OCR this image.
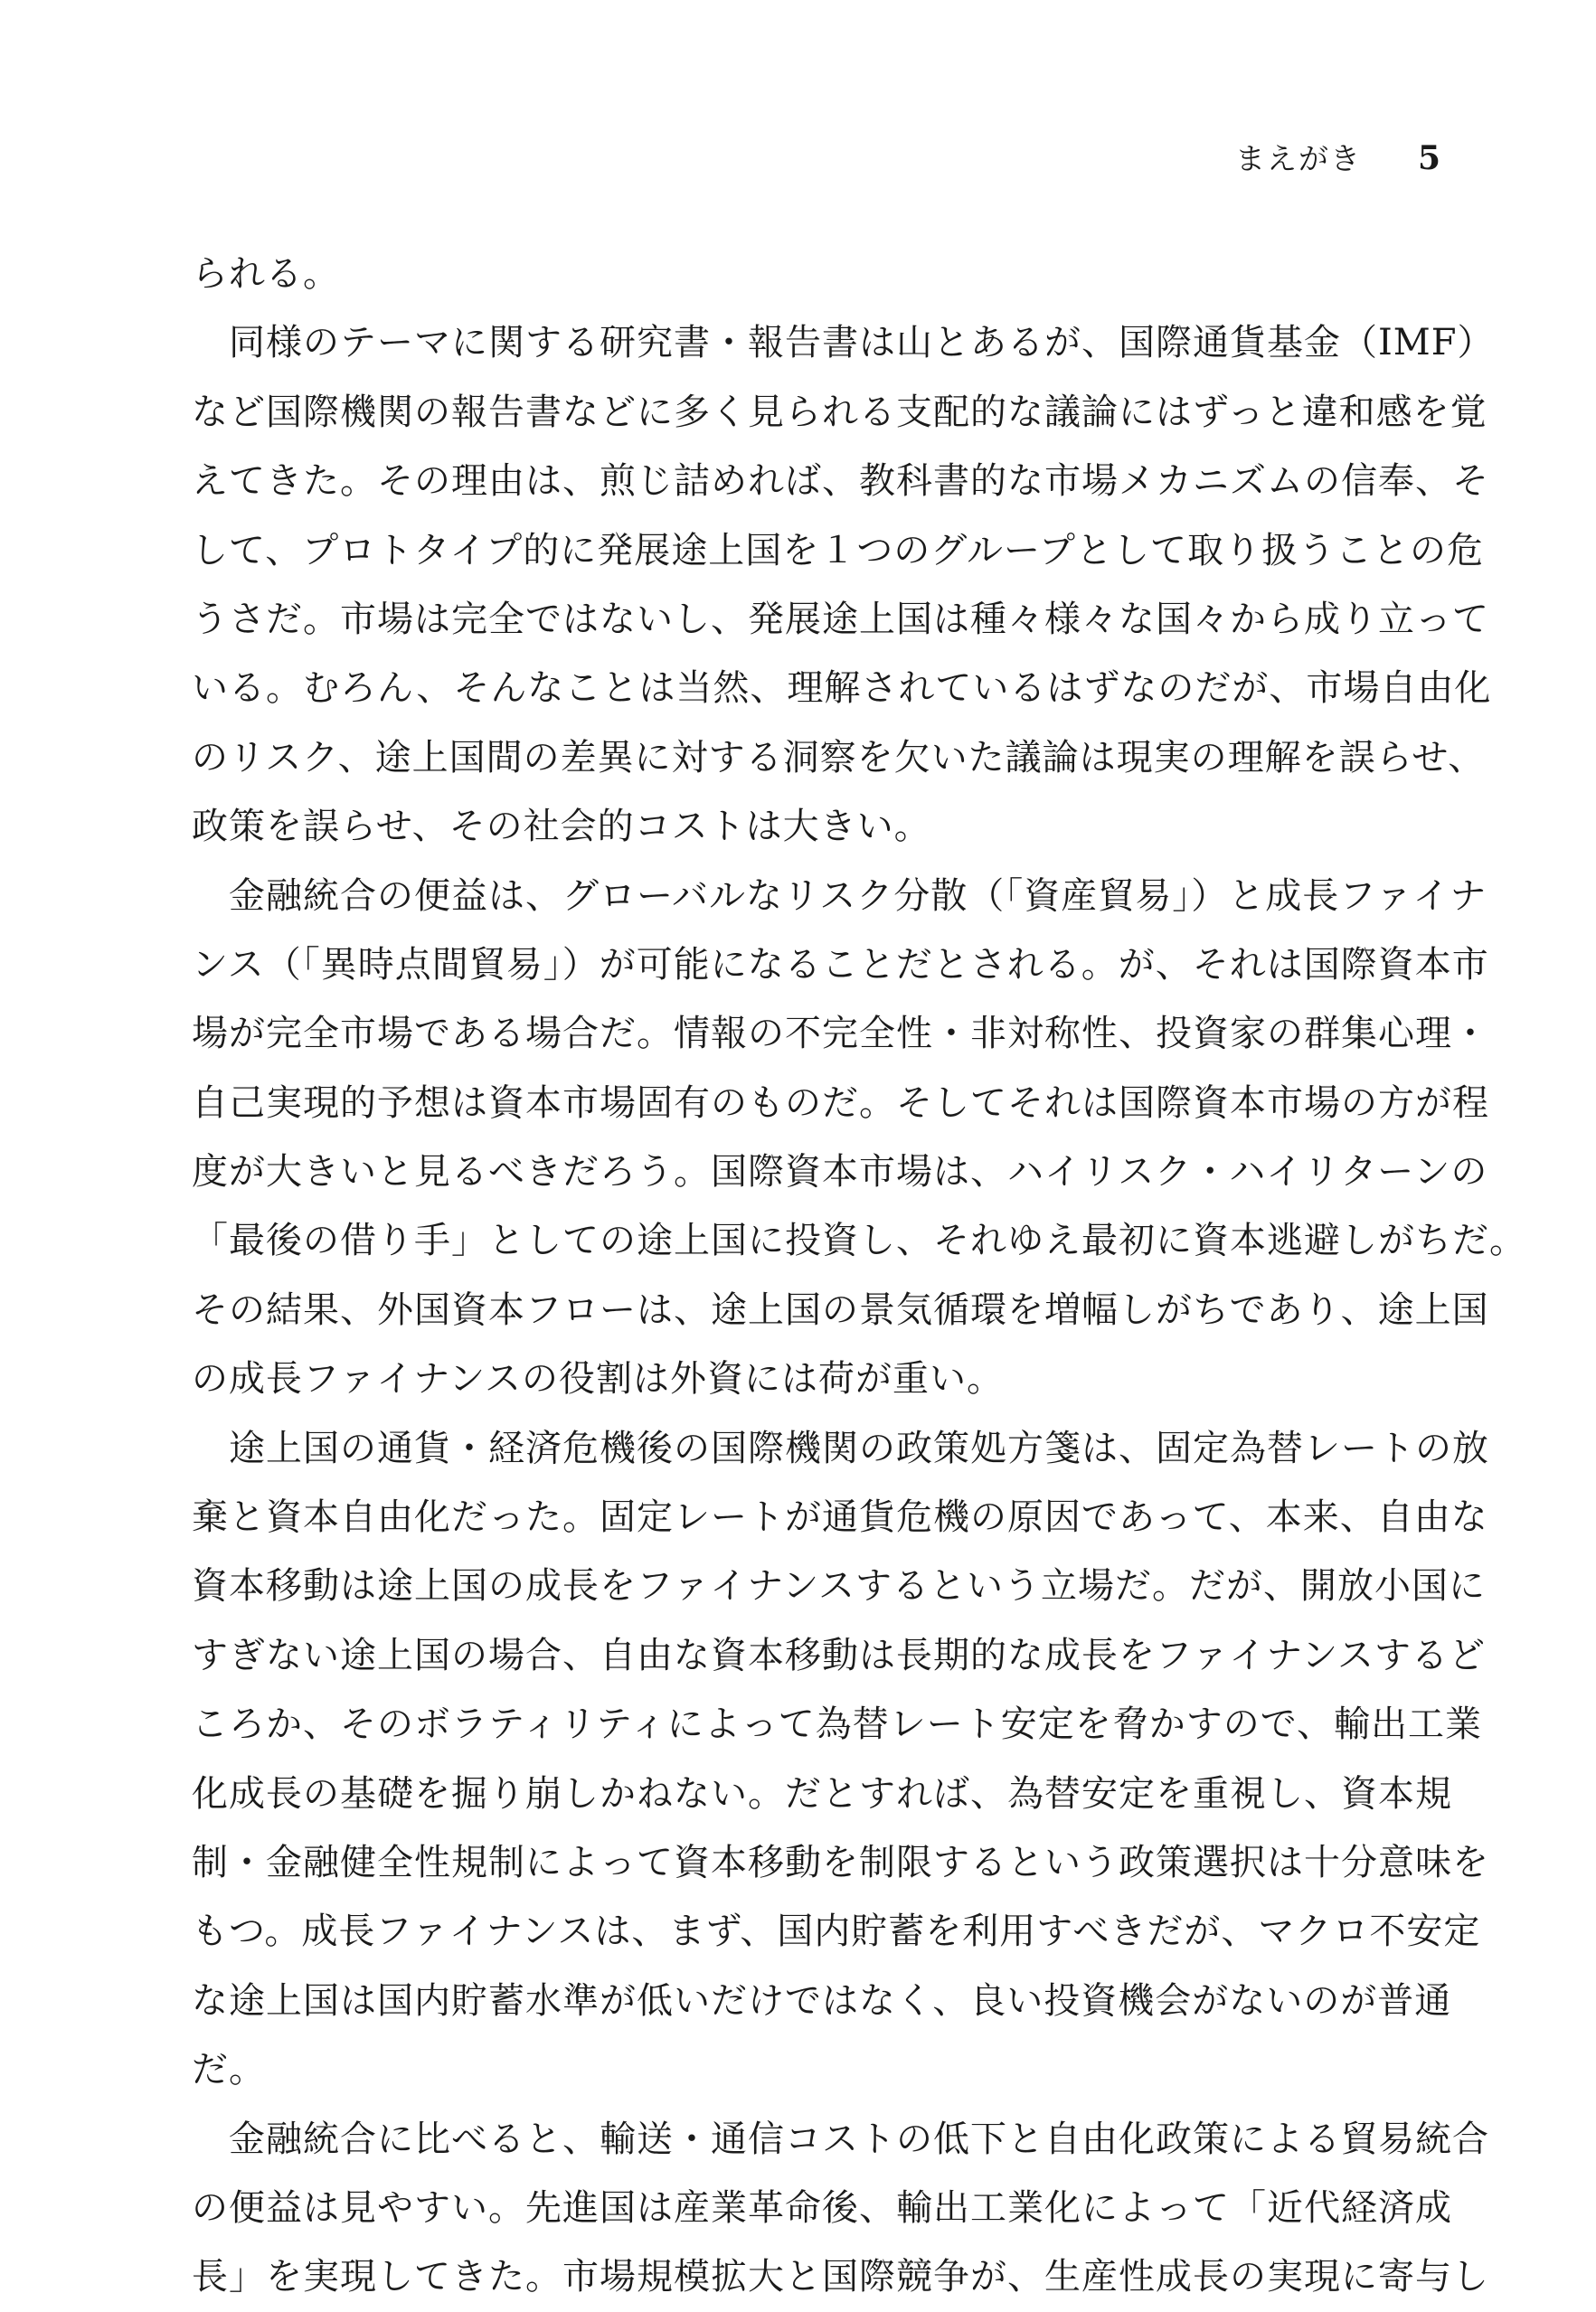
まえがき 5
られる。
　同様のテーマに関する研究書・報告書は山とあるが、国際通貨基金（IMF）
など国際機関の報告書などに多く見られる支配的な議論にはずっと違和感を覚
えてきた。その理由は、煎じ詰めれば、教科書的な市場メカニズムの信奉、そ
して、プロトタイプ的に発展途上国を１つのグループとして取り扱うことの危
うさだ。市場は完全ではないし、発展途上国は種々様々な国々から成り立って
いる。むろん、そんなことは当然、理解されているはずなのだが、市場自由化
のリスク、途上国間の差異に対する洞察を欠いた議論は現実の理解を誤らせ、
政策を誤らせ、その社会的コストは大きい。
　金融統合の便益は、グローバルなリスク分散（「資産貿易」）と成長ファイナ
ンス（「異時点間貿易」）が可能になることだとされる。が、それは国際資本市
場が完全市場である場合だ。情報の不完全性・非対称性、投資家の群集心理・
自己実現的予想は資本市場固有のものだ。そしてそれは国際資本市場の方が程
度が大きいと見るべきだろう。国際資本市場は、ハイリスク・ハイリターンの
「最後の借り手」としての途上国に投資し、それゆえ最初に資本逃避しがちだ。
その結果、外国資本フローは、途上国の景気循環を増幅しがちであり、途上国
の成長ファイナンスの役割は外資には荷が重い。
　途上国の通貨・経済危機後の国際機関の政策処方箋は、固定為替レートの放
棄と資本自由化だった。固定レートが通貨危機の原因であって、本来、自由な
資本移動は途上国の成長をファイナンスするという立場だ。だが、開放小国に
すぎない途上国の場合、自由な資本移動は長期的な成長をファイナンスするど
ころか、そのボラティリティによって為替レート安定を脅かすので、輸出工業
化成長の基礎を掘り崩しかねない。だとすれば、為替安定を重視し、資本規
制・金融健全性規制によって資本移動を制限するという政策選択は十分意味を
もつ。成長ファイナンスは、まず、国内貯蓄を利用すべきだが、マクロ不安定
な途上国は国内貯蓄水準が低いだけではなく、良い投資機会がないのが普通
だ。
　金融統合に比べると、輸送・通信コストの低下と自由化政策による貿易統合
の便益は見やすい。先進国は産業革命後、輸出工業化によって「近代経済成
長」を実現してきた。市場規模拡大と国際競争が、生産性成長の実現に寄与し
